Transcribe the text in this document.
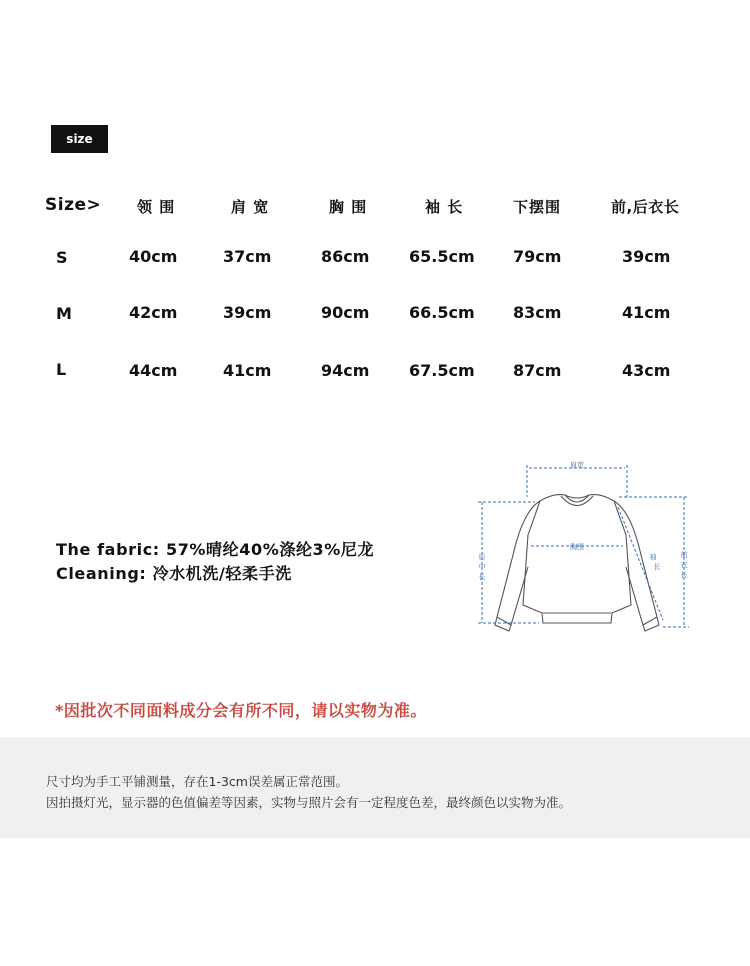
size
Size> 领 围	肩 宽	胸 围	袖 长	下摆围	前,后衣长
S	40cm	37cm	86cm 65.5cm 79cm	39cm
M	42cm	39cm	90cm 66.5cm 83cm	41cm
L	44cm	41cm	94cm 67.5cm 87cm	43cm
The fabric: 57%晴纶40%涤纶3%尼龙
Cleaning: 冷水机洗/轻柔手洗
肩宽
胸围
后
中
长
袖
长
前
衣
长
*因批次不同面料成分会有所不同，请以实物为准。
尺寸均为手工平铺测量，存在1-3cm误差属正常范围。
因拍摄灯光，显示器的色值偏差等因素，实物与照片会有一定程度色差，最终颜色以实物为准。
